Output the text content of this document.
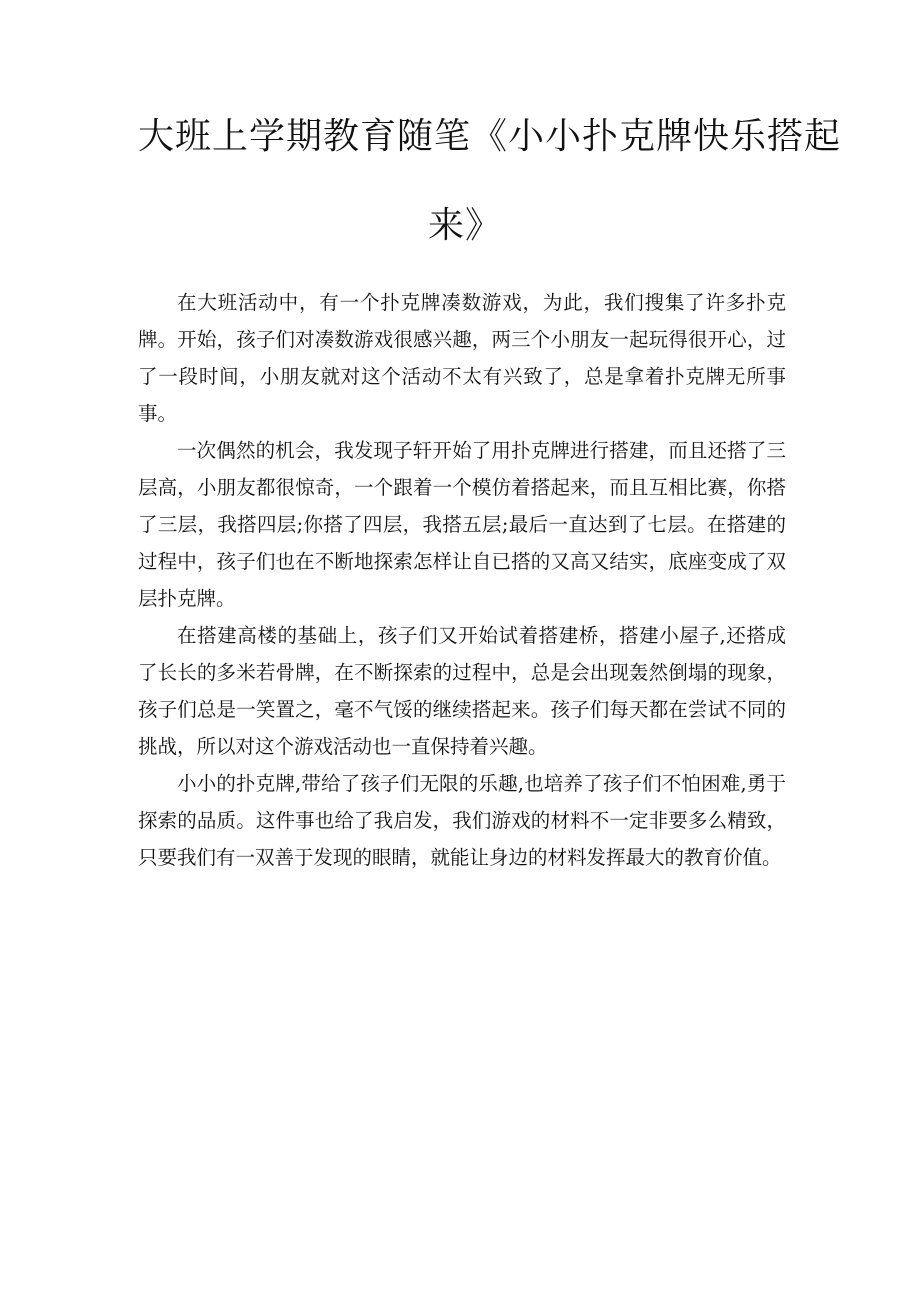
大班上学期教育随笔《小小扑克牌快乐搭起
来》

在大班活动中，有一个扑克牌凑数游戏，为此，我们搜集了许多扑克牌。开始，孩子们对凑数游戏很感兴趣，两三个小朋友一起玩得很开心，过了一段时间，小朋友就对这个活动不太有兴致了，总是拿着扑克牌无所事事。

一次偶然的机会，我发现子轩开始了用扑克牌进行搭建，而且还搭了三层高，小朋友都很惊奇，一个跟着一个模仿着搭起来，而且互相比赛，你搭了三层，我搭四层;你搭了四层，我搭五层;最后一直达到了七层。在搭建的过程中，孩子们也在不断地探索怎样让自已搭的又高又结实，底座变成了双层扑克牌。

在搭建高楼的基础上，孩子们又开始试着搭建桥，搭建小屋子,还搭成了长长的多米若骨牌，在不断探索的过程中，总是会出现轰然倒塌的现象，孩子们总是一笑置之，毫不气馁的继续搭起来。孩子们每天都在尝试不同的挑战，所以对这个游戏活动也一直保持着兴趣。

小小的扑克牌,带给了孩子们无限的乐趣,也培养了孩子们不怕困难,勇于探索的品质。这件事也给了我启发，我们游戏的材料不一定非要多么精致，只要我们有一双善于发现的眼睛，就能让身边的材料发挥最大的教育价值。
